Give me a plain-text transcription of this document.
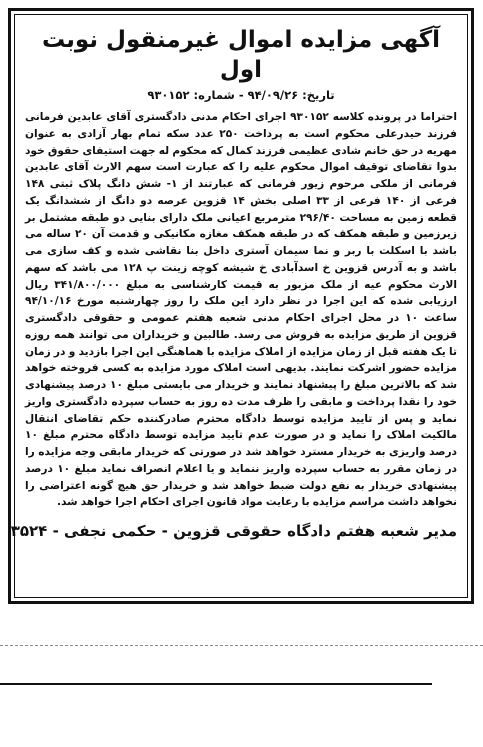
آگهی مزایده اموال غیرمنقول نوبت اول
تاریخ: ۹۴/۰۹/۲۶ - شماره: ۹۳۰۱۵۲

احتراما در پرونده کلاسه ۹۳۰۱۵۲ اجرای احکام مدنی دادگستری آقای عابدین فرمانی فرزند حیدرعلی محکوم است به پرداخت ۲۵۰ عدد سکه تمام بهار آزادی به عنوان مهریه در حق خانم شادی عظیمی فرزند کمال که محکوم له جهت استیفای حقوق خود بدوا تقاضای توقیف اموال محکوم علیه را که عبارت است سهم الارث آقای عابدین فرمانی از ملکی مرحوم زیور فرمانی که عبارتند از ۱- شش دانگ پلاک ثبتی ۱۴۸ فرعی از ۱۴۰ فرعی از ۳۳ اصلی بخش ۱۴ قزوین عرصه دو دانگ از ششدانگ یک قطعه زمین به مساحت ۲۹۶/۴۰ مترمربع اعیانی ملک دارای بنایی دو طبقه مشتمل بر زیرزمین و طبقه همکف که در طبقه همکف مغازه مکانیکی و قدمت آن ۲۰ ساله می باشد با اسکلت با ربر و نما سیمان آستری داخل بنا نقاشی شده و کف سازی می باشد و به آدرس قزوین خ اسدآبادی خ شیشه کوچه زینت پ ۱۲۸ می باشد که سهم الارث محکوم عیه از ملک مزبور به قیمت کارشناسی به مبلغ ۳۴۱/۸۰۰/۰۰۰ ریال ارزیابی شده که این اجرا در نظر دارد این ملک را روز چهارشنبه مورخ ۹۴/۱۰/۱۶ ساعت ۱۰ در محل اجرای احکام مدنی شعبه هفتم عمومی و حقوقی دادگستری قزوین از طریق مزایده به فروش می رسد. طالبین و خریداران می توانند همه روزه تا یک هفته قبل از زمان مزایده از املاک مزایده با هماهنگی این اجرا بازدید و در زمان مزایده حضور اشرکت نمایند. بدیهی است املاک مورد مزایده به کسی فروخته خواهد شد که بالاترین مبلغ را پیشنهاد نمایند و خریدار می بایستی مبلغ ۱۰ درصد پیشنهادی خود را نقدا پرداخت و مابقی را ظرف مدت ده روز به حساب سپرده دادگستری واریز نماید و پس از تایید مزایده توسط دادگاه محترم صادرکننده حکم تقاضای انتقال مالکیت املاک را نماید و در صورت عدم تایید مزایده توسط دادگاه محترم مبلغ ۱۰ درصد واریزی به خریدار مسترد خواهد شد در صورتی که خریدار مابقی وجه مزایده را در زمان مقرر به حساب سپرده واریز ننماید و یا اعلام انصراف نماید مبلغ ۱۰ درصد پیشنهادی خریدار به نفع دولت ضبط خواهد شد و خریدار حق هیچ گونه اعتراضی را نخواهد داشت مراسم مزایده با رعایت مواد قانون اجرای احکام اجرا خواهد شد.

مدیر شعبه هفتم دادگاه حقوقی قزوین - حکمی نجفی - ۳۵۲۴
